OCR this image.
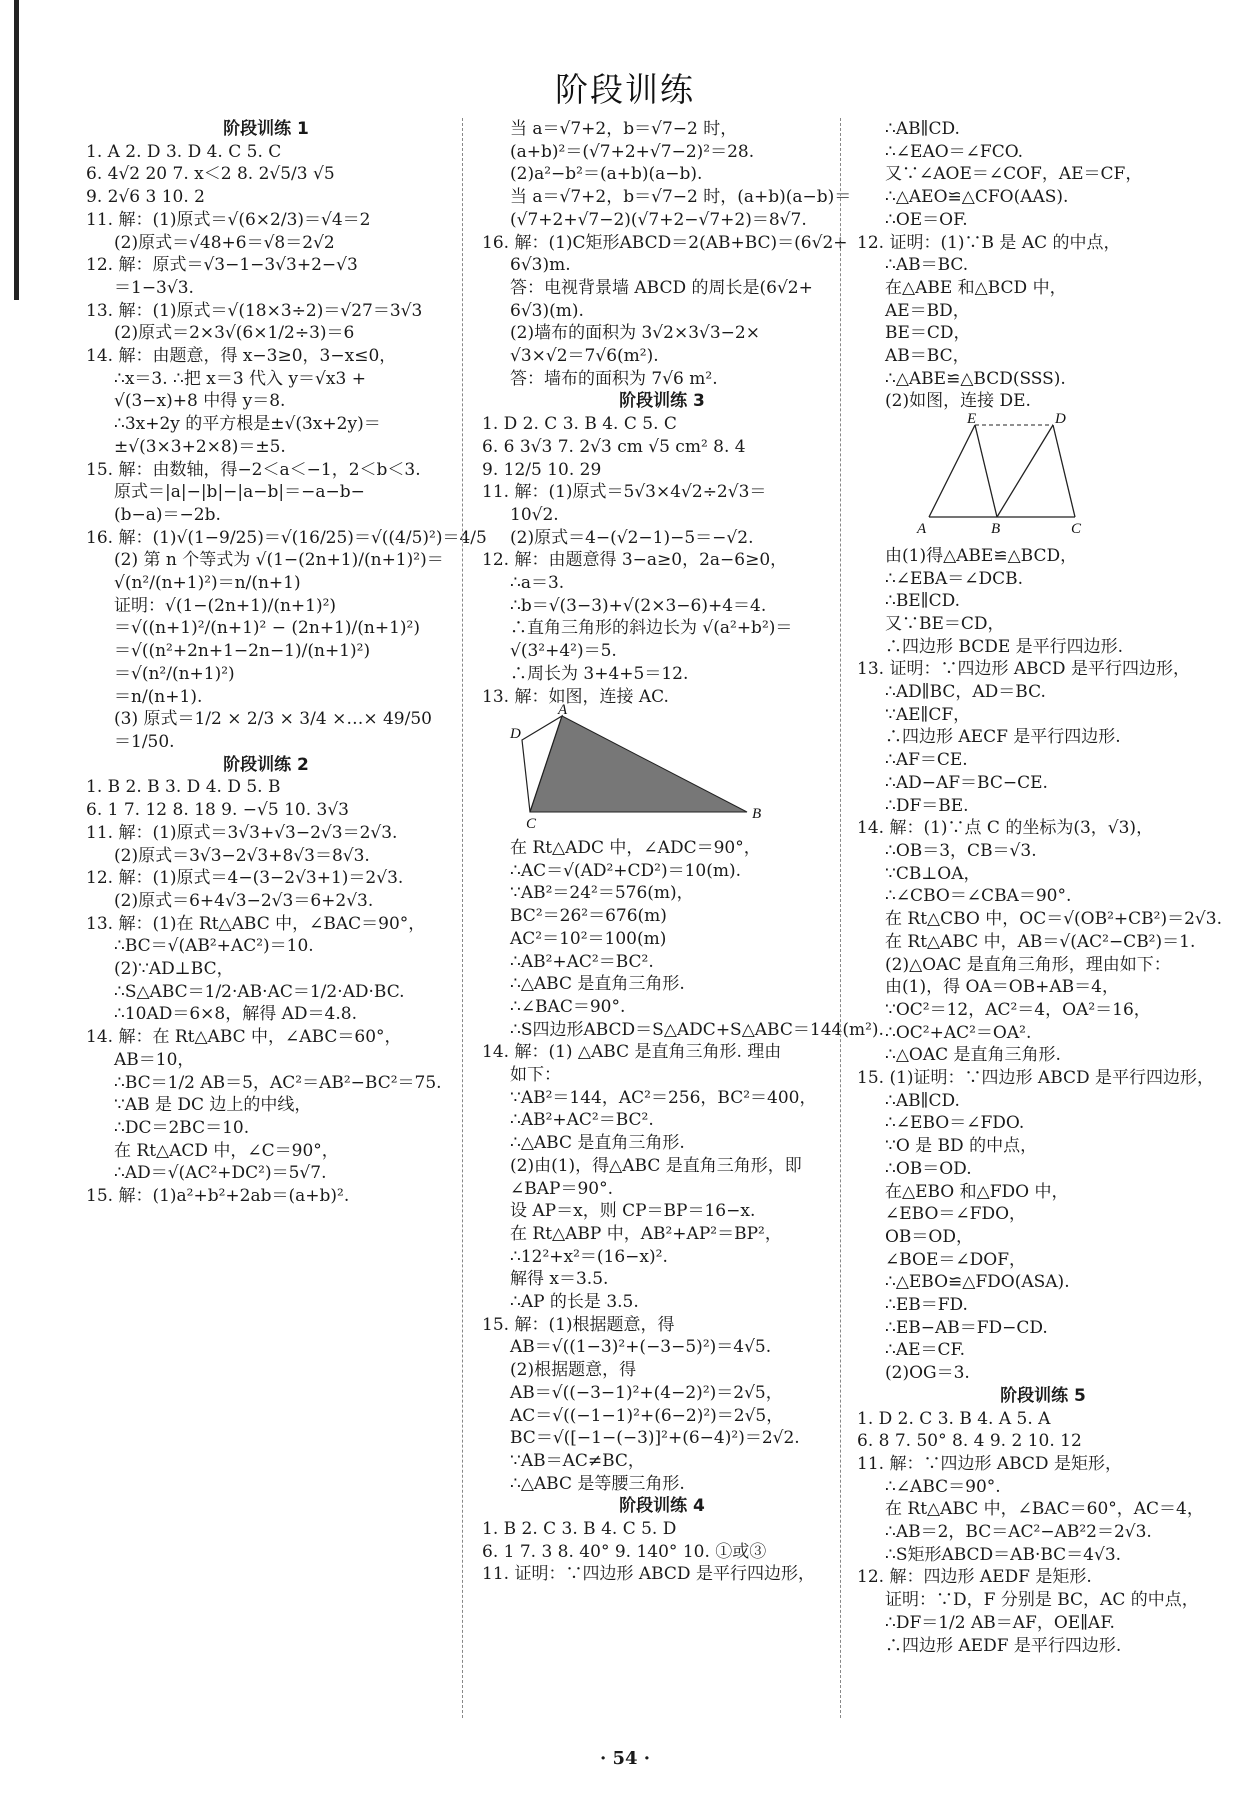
阶段训练
阶段训练 1
1. A 2. D 3. D 4. C 5. C
6. 4√2 20 7. x＜2 8. 2√5/3 √5
9. 2√6 3 10. 2
11. 解：(1)原式＝√(6×2/3)＝√4＝2
(2)原式＝√48+6＝√8＝2√2
12. 解：原式＝√3−1−3√3+2−√3
＝1−3√3.
13. 解：(1)原式＝√(18×3÷2)＝√27＝3√3
(2)原式＝2×3√(6×1/2÷3)＝6
14. 解：由题意，得 x−3≥0，3−x≤0，
∴x＝3. ∴把 x＝3 代入 y＝√x3 +
√(3−x)+8 中得 y＝8.
∴3x+2y 的平方根是±√(3x+2y)＝
±√(3×3+2×8)＝±5.
15. 解：由数轴，得−2＜a＜−1，2＜b＜3.
原式＝|a|−|b|−|a−b|＝−a−b−
(b−a)＝−2b.
16. 解：(1)√(1−9/25)＝√(16/25)＝√((4/5)²)＝4/5
(2) 第 n 个等式为 √(1−(2n+1)/(n+1)²)＝
√(n²/(n+1)²)＝n/(n+1)
证明：√(1−(2n+1)/(n+1)²)
＝√((n+1)²/(n+1)² − (2n+1)/(n+1)²)
＝√((n²+2n+1−2n−1)/(n+1)²)
＝√(n²/(n+1)²)
＝n/(n+1).
(3) 原式＝1/2 × 2/3 × 3/4 ×…× 49/50
＝1/50.
阶段训练 2
1. B 2. B 3. D 4. D 5. B
6. 1 7. 12 8. 18 9. −√5 10. 3√3
11. 解：(1)原式＝3√3+√3−2√3＝2√3.
(2)原式＝3√3−2√3+8√3＝8√3.
12. 解：(1)原式＝4−(3−2√3+1)＝2√3.
(2)原式＝6+4√3−2√3＝6+2√3.
13. 解：(1)在 Rt△ABC 中，∠BAC＝90°，
∴BC＝√(AB²+AC²)＝10.
(2)∵AD⊥BC，
∴S△ABC＝1/2·AB·AC＝1/2·AD·BC.
∴10AD＝6×8，解得 AD＝4.8.
14. 解：在 Rt△ABC 中，∠ABC＝60°，
AB＝10，
∴BC＝1/2 AB＝5，AC²＝AB²−BC²＝75.
∵AB 是 DC 边上的中线，
∴DC＝2BC＝10.
在 Rt△ACD 中，∠C＝90°，
∴AD＝√(AC²+DC²)＝5√7.
15. 解：(1)a²+b²+2ab＝(a+b)².
当 a＝√7+2，b＝√7−2 时，
(a+b)²＝(√7+2+√7−2)²＝28.
(2)a²−b²＝(a+b)(a−b).
当 a＝√7+2，b＝√7−2 时，(a+b)(a−b)＝
(√7+2+√7−2)(√7+2−√7+2)＝8√7.
16. 解：(1)C矩形ABCD＝2(AB+BC)＝(6√2+
6√3)m.
答：电视背景墙 ABCD 的周长是(6√2+
6√3)(m).
(2)墙布的面积为 3√2×3√3−2×
√3×√2＝7√6(m²).
答：墙布的面积为 7√6 m².
阶段训练 3
1. D 2. C 3. B 4. C 5. C
6. 6 3√3 7. 2√3 cm √5 cm² 8. 4
9. 12/5 10. 29
11. 解：(1)原式＝5√3×4√2÷2√3＝
10√2.
(2)原式＝4−(√2−1)−5＝−√2.
12. 解：由题意得 3−a≥0，2a−6≥0，
∴a＝3.
∴b＝√(3−3)+√(2×3−6)+4＝4.
∴直角三角形的斜边长为 √(a²+b²)＝
√(3²+4²)＝5.
∴周长为 3+4+5＝12.
13. 解：如图，连接 AC.
A
B
C
D
在 Rt△ADC 中，∠ADC＝90°，
∴AC＝√(AD²+CD²)＝10(m).
∵AB²＝24²＝576(m)，
BC²＝26²＝676(m)
AC²＝10²＝100(m)
∴AB²+AC²＝BC².
∴△ABC 是直角三角形.
∴∠BAC＝90°.
∴S四边形ABCD＝S△ADC+S△ABC＝144(m²).
14. 解：(1) △ABC 是直角三角形. 理由
如下：
∵AB²＝144，AC²＝256，BC²＝400，
∴AB²+AC²＝BC².
∴△ABC 是直角三角形.
(2)由(1)，得△ABC 是直角三角形，即
∠BAP＝90°.
设 AP＝x，则 CP＝BP＝16−x.
在 Rt△ABP 中，AB²+AP²＝BP²，
∴12²+x²＝(16−x)².
解得 x＝3.5.
∴AP 的长是 3.5.
15. 解：(1)根据题意，得
AB＝√((1−3)²+(−3−5)²)＝4√5.
(2)根据题意，得
AB＝√((−3−1)²+(4−2)²)＝2√5，
AC＝√((−1−1)²+(6−2)²)＝2√5，
BC＝√([−1−(−3)]²+(6−4)²)＝2√2.
∵AB＝AC≠BC，
∴△ABC 是等腰三角形.
阶段训练 4
1. B 2. C 3. B 4. C 5. D
6. 1 7. 3 8. 40° 9. 140° 10. ①或③
11. 证明：∵四边形 ABCD 是平行四边形，
∴AB∥CD.
∴∠EAO＝∠FCO.
又∵∠AOE＝∠COF，AE＝CF，
∴△AEO≌△CFO(AAS).
∴OE＝OF.
12. 证明：(1)∵B 是 AC 的中点，
∴AB＝BC.
在△ABE 和△BCD 中，
AE＝BD，
BE＝CD，
AB＝BC，
∴△ABE≌△BCD(SSS).
(2)如图，连接 DE.
E	D
A	B	C
由(1)得△ABE≌△BCD，
∴∠EBA＝∠DCB.
∴BE∥CD.
又∵BE＝CD，
∴四边形 BCDE 是平行四边形.
13. 证明：∵四边形 ABCD 是平行四边形，
∴AD∥BC，AD＝BC.
∵AE∥CF，
∴四边形 AECF 是平行四边形.
∴AF＝CE.
∴AD−AF＝BC−CE.
∴DF＝BE.
14. 解：(1)∵点 C 的坐标为(3，√3)，
∴OB＝3，CB＝√3.
∵CB⊥OA，
∴∠CBO＝∠CBA＝90°.
在 Rt△CBO 中，OC＝√(OB²+CB²)＝2√3.
在 Rt△ABC 中，AB＝√(AC²−CB²)＝1.
(2)△OAC 是直角三角形，理由如下：
由(1)，得 OA＝OB+AB＝4，
∵OC²＝12，AC²＝4，OA²＝16，
∴OC²+AC²＝OA².
∴△OAC 是直角三角形.
15. (1)证明：∵四边形 ABCD 是平行四边形，
∴AB∥CD.
∴∠EBO＝∠FDO.
∵O 是 BD 的中点，
∴OB＝OD.
在△EBO 和△FDO 中，
∠EBO＝∠FDO，
OB＝OD，
∠BOE＝∠DOF，
∴△EBO≌△FDO(ASA).
∴EB＝FD.
∴EB−AB＝FD−CD.
∴AE＝CF.
(2)OG＝3.
阶段训练 5
1. D 2. C 3. B 4. A 5. A
6. 8 7. 50° 8. 4 9. 2 10. 12
11. 解：∵四边形 ABCD 是矩形，
∴∠ABC＝90°.
在 Rt△ABC 中，∠BAC＝60°，AC＝4，
∴AB＝2，BC＝AC²−AB²2＝2√3.
∴S矩形ABCD＝AB·BC＝4√3.
12. 解：四边形 AEDF 是矩形.
证明：∵D，F 分别是 BC，AC 的中点，
∴DF＝1/2 AB＝AF，OE∥AF.
∴四边形 AEDF 是平行四边形.
· 54 ·
